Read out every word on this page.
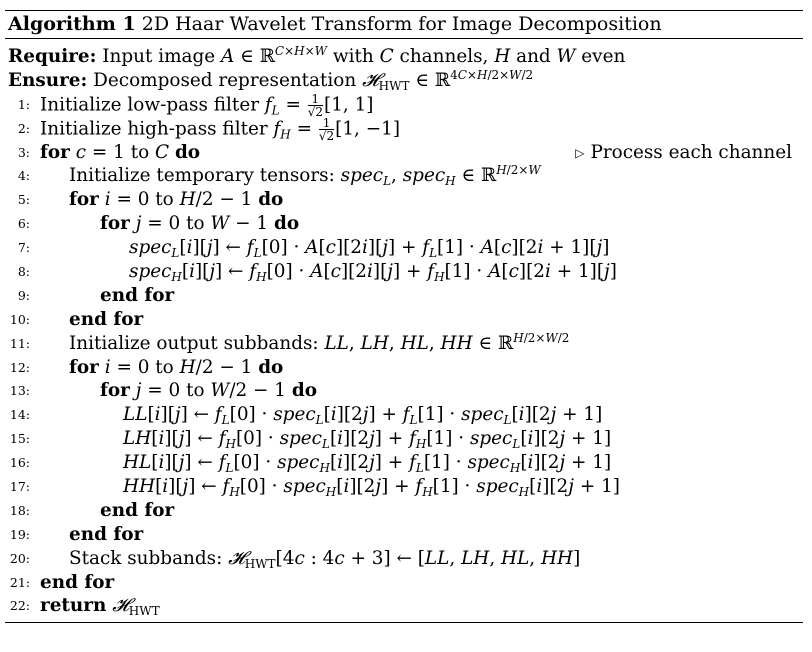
Algorithm 1 2D Haar Wavelet Transform for Image Decomposition
Require: Input image A ∈ ℝ$^{C\times H\times W}$ with C channels, H and W even
Ensure: Decomposed representation 𝓗$_{HWT}$ ∈ ℝ$^{4C\times H/2\times W/2}$
1: Initialize low-pass filter $f_L = \frac{1}{√2} [1$, 1]
2: Initialize high-pass filter $f_H = \frac{1}{√2} [1$, −1]
3: for c = 1 to C do	▷ Process each channel
4: Initialize temporary tensors: spec$_L$, spec$_H$ ∈ ℝ$^{H/2\times W}$
5: for i = 0 to H/2 − 1 do
6:	for j = 0 to W − 1 do
7:	spec$_L$[i][j] ← $f_L[0] \cdot A[c][2i][j] + f_L[1] \cdot A[c][2i + 1][j]$
8:	spec$_H$[i][j] ← $f_H[0] \cdot A[c][2i][j] + f_H[1] \cdot A[c][2i + 1][j]$
9:	end for
10: end for
11: Initialize output subbands: LL, LH, HL, HH ∈ ℝ$^{H/2\times W/2}$
12: for i = 0 to H/2 − 1 do
13:	for j = 0 to W/2 − 1 do
14:	LL[i][j] ← $f_L[0]$ · spec$_L$[i][2j] + $f_L[1]$ · spec$_L$[i][2j + 1]
15:	LH[i][j] ← $f_H[0]$ · spec$_L$[i][2j] + $f_H[1]$ · spec$_L$[i][2j + 1]
16:	HL[i][j] ← $f_L[0]$ · spec$_H$[i][2j] + $f_L[1]$ · spec$_H$[i][2j + 1]
17:	HH[i][j] ← $f_H[0]$ · spec$_H$[i][2j] + $f_H[1]$ · spec$_H$[i][2j + 1]
18:	end for
19: end for
20: Stack subbands: 𝓗$_{HWT}$[4c : 4c + 3] ← [LL, LH, HL, HH]
21: end for
22: return 𝓗$_{HWT}$
